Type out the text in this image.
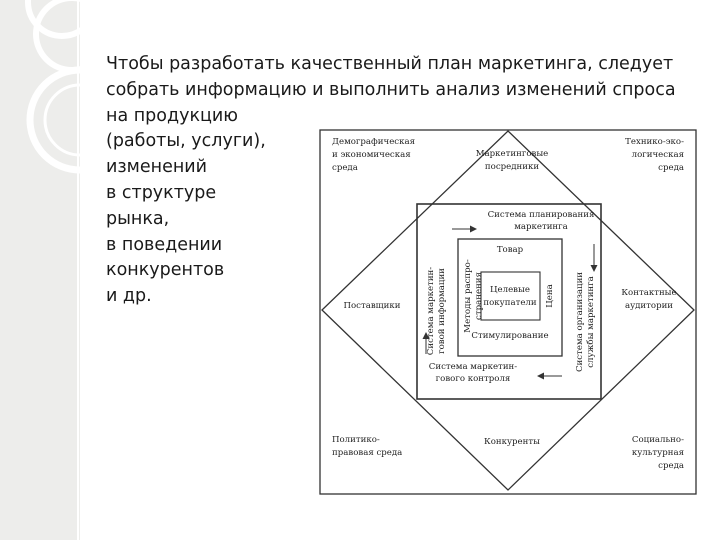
Чтобы разработать качественный план маркетинга, следует
собрать информацию и выполнить анализ изменений спроса
на продукцию
(работы, услуги),
изменений
в структуре
рынка,
в поведении
конкурентов
и др.
Демографическая
и экономическая
среда
Технико-эко-
логическая
среда
Политико-
правовая среда
Социально-
культурная
среда
Маркетинговые
посредники
Поставщики
Контактные
аудитории
Конкуренты
Система планирования
маркетинга
Система маркетин- говой информации	Система организации службы маркетинга
Система маркетин-
гового контроля
Методы распро- странения
Товар
Цена
Стимулирование
Целевые
покупатели
